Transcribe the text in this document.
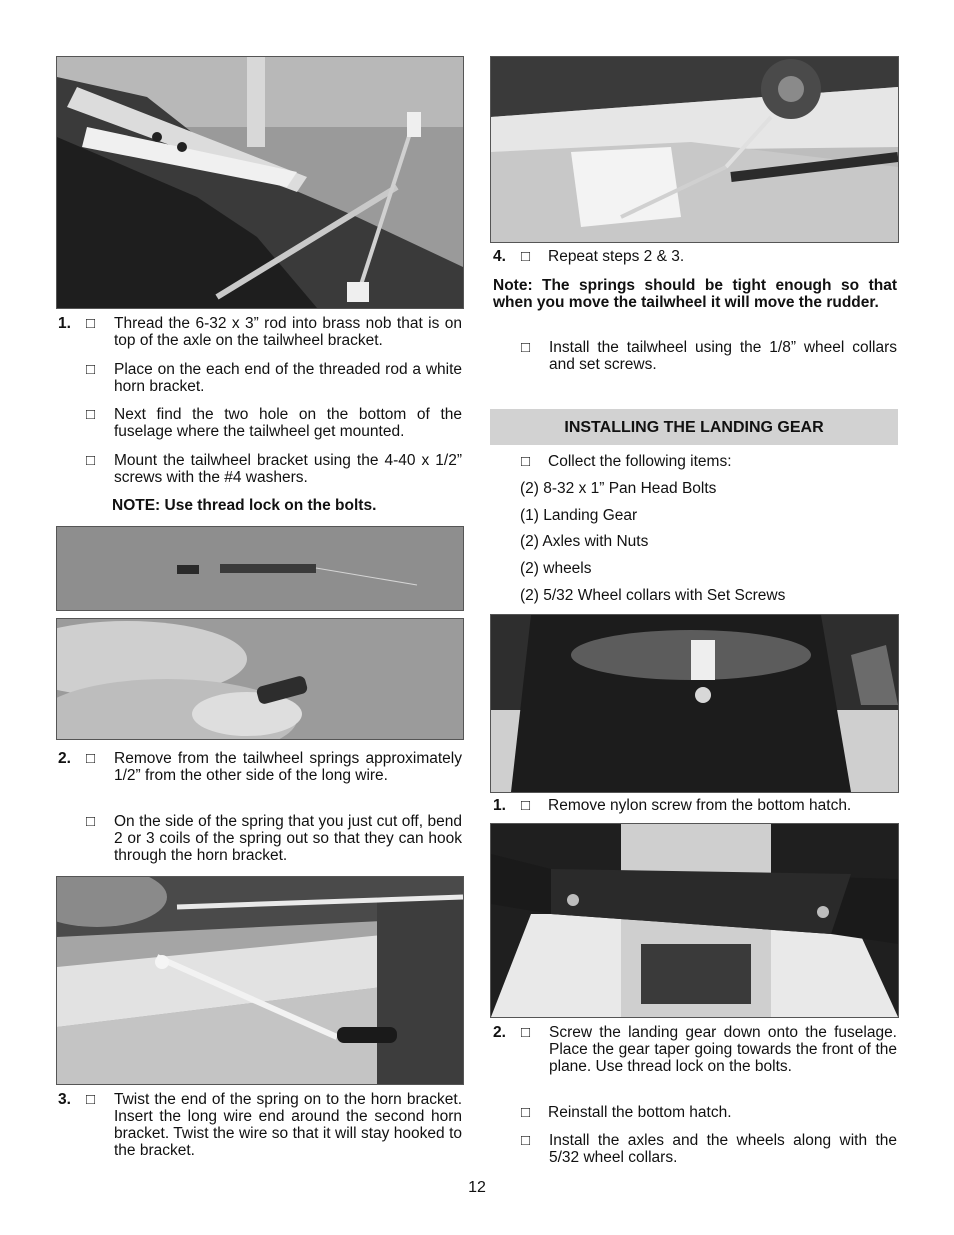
1. □ Thread the 6-32 x 3” rod into brass nob that is on top of the axle on the tailwheel bracket.
□ Place on the each end of the threaded rod a white horn bracket.
□ Next find the two hole on the bottom of the fuselage where the tailwheel get mounted.
□ Mount the tailwheel bracket using the 4-40 x 1/2” screws with the #4 washers.
NOTE: Use thread lock on the bolts.
2. □ Remove from the tailwheel springs approximately 1/2” from the other side of the long wire.
□ On the side of the spring that you just cut off, bend 2 or 3 coils of the spring out so that they can hook through the horn bracket.
3. □ Twist the end of the spring on to the horn bracket. Insert the long wire end around the second horn bracket. Twist the wire so that it will stay hooked to the bracket.
4. □ Repeat steps 2 & 3.
Note: The springs should be tight enough so that when you move the tailwheel it will move the rudder.
□ Install the tailwheel using the 1/8” wheel collars and set screws.
INSTALLING THE LANDING GEAR
□ Collect the following items:
(2) 8-32 x 1” Pan Head Bolts
(1) Landing Gear
(2) Axles with Nuts
(2) wheels
(2) 5/32 Wheel collars with Set Screws
1. □ Remove nylon screw from the bottom hatch.
2. □ Screw the landing gear down onto the fuselage. Place the gear taper going towards the front of the plane. Use thread lock on the bolts.
□ Reinstall the bottom hatch.
□ Install the axles and the wheels along with the 5/32 wheel collars.
12
